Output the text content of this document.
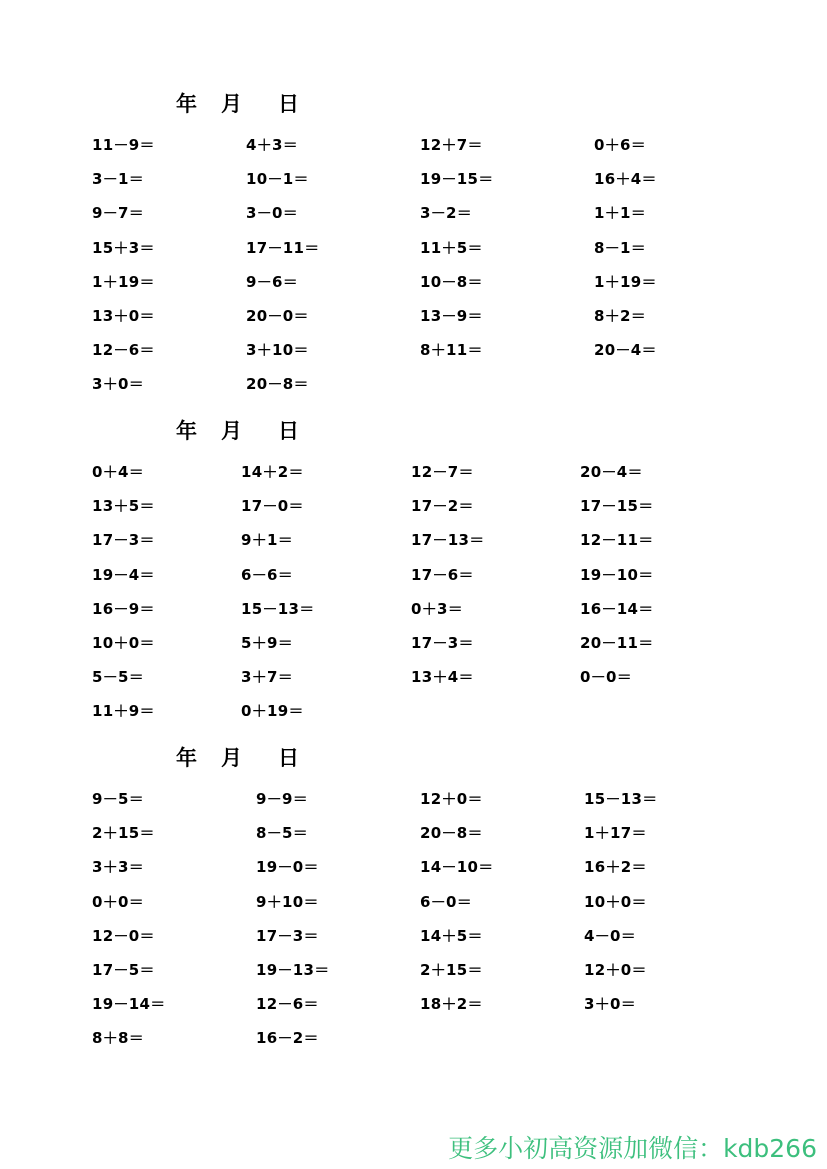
年 月 日
11－9＝	4＋3＝	12＋7＝	0＋6＝
3－1＝	10－1＝	19－15＝	16＋4＝
9－7＝	3－0＝	3－2＝	1＋1＝
15＋3＝	17－11＝	11＋5＝	8－1＝
1＋19＝	9－6＝	10－8＝	1＋19＝
13＋0＝	20－0＝	13－9＝	8＋2＝
12－6＝	3＋10＝	8＋11＝	20－4＝
3＋0＝	20－8＝
年 月 日
0＋4＝	14＋2＝	12－7＝	20－4＝
13＋5＝	17－0＝	17－2＝	17－15＝
17－3＝	9＋1＝	17－13＝	12－11＝
19－4＝	6－6＝	17－6＝	19－10＝
16－9＝	15－13＝	0＋3＝	16－14＝
10＋0＝	5＋9＝	17－3＝	20－11＝
5－5＝	3＋7＝	13＋4＝	0－0＝
11＋9＝	0＋19＝
年 月 日
9－5＝	9－9＝	12＋0＝	15－13＝
2＋15＝	8－5＝	20－8＝	1＋17＝
3＋3＝	19－0＝	14－10＝	16＋2＝
0＋0＝	9＋10＝	6－0＝	10＋0＝
12－0＝	17－3＝	14＋5＝	4－0＝
17－5＝	19－13＝	2＋15＝	12＋0＝
19－14＝	12－6＝	18＋2＝	3＋0＝
8＋8＝	16－2＝
更多小初高资源加微信：kdb266
